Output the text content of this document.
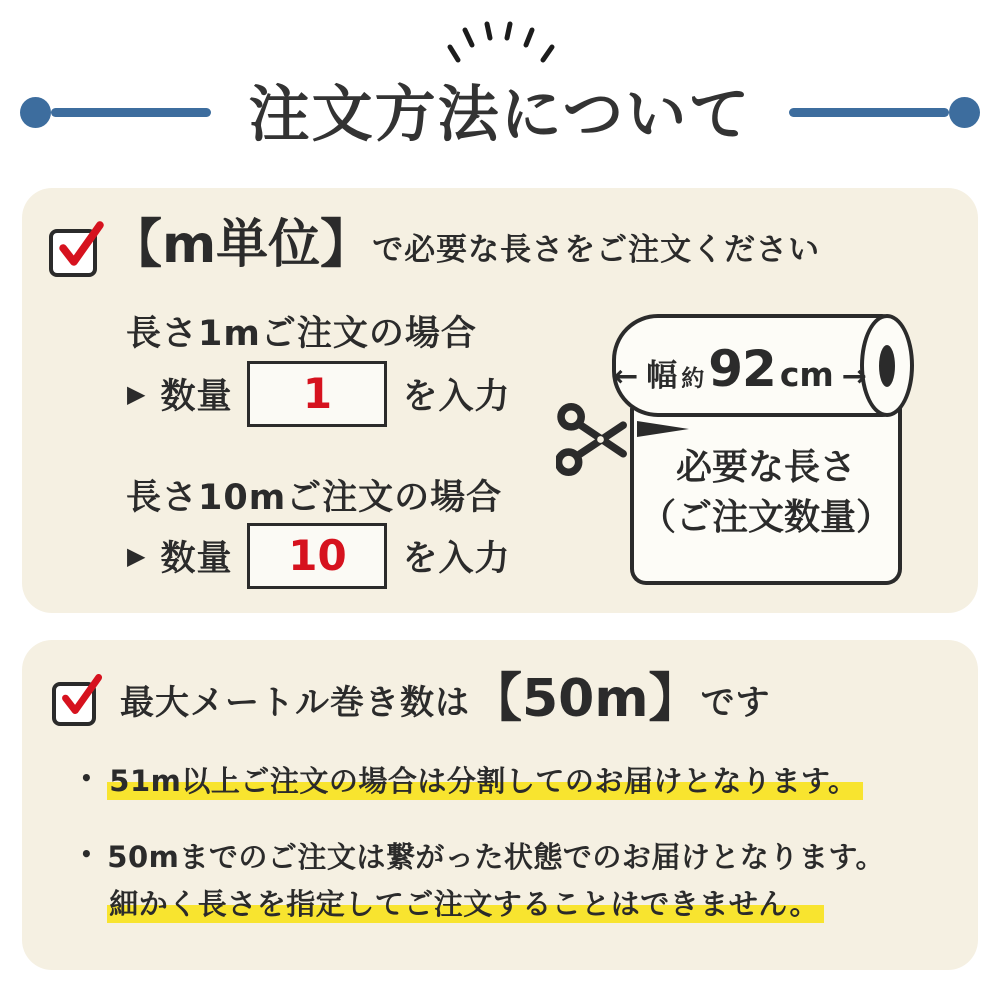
注文方法について
【m単位】 で必要な長さをご注文ください
長さ1mご注文の場合
▶ 数量 1 を入力
長さ10mご注文の場合
▶ 数量 10 を入力
必要な長さ
（ご注文数量）
← 幅 約 92 cm →
最大メートル巻き数は 【50m】 です
• 51m以上ご注文の場合は分割してのお届けとなります。
• 50mまでのご注文は繋がった状態でのお届けとなります。
細かく長さを指定してご注文することはできません。
